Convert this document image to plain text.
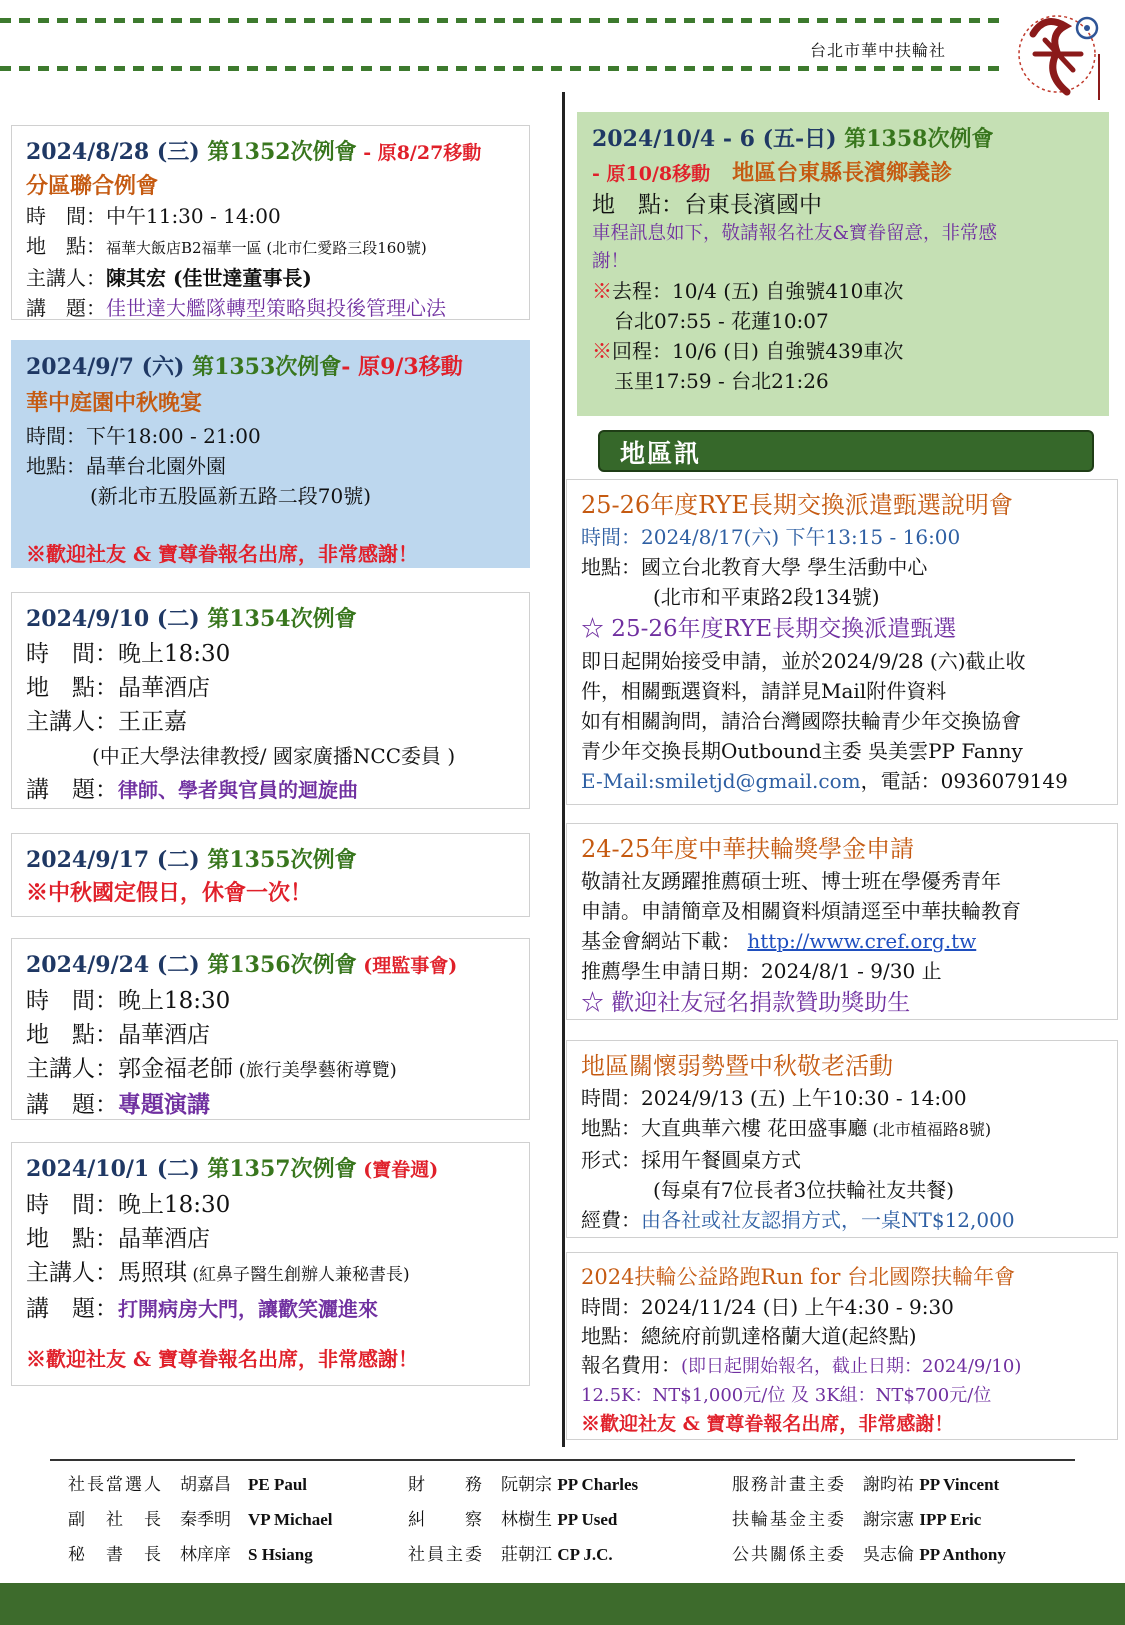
台北市華中扶輪社
2024/8/28 (三) 第1352次例會 - 原8/27移動
分區聯合例會
時　間：中午11:30 - 14:00
地　點：福華大飯店B2福華一區 (北市仁愛路三段160號)
主講人：陳其宏 (佳世達董事長)
講　題：佳世達大艦隊轉型策略與投後管理心法
2024/9/7 (六) 第1353次例會- 原9/3移動
華中庭園中秋晚宴
時間：下午18:00 - 21:00
地點：晶華台北園外園
(新北市五股區新五路二段70號)
※歡迎社友 & 寶尊眷報名出席，非常感謝！
2024/9/10 (二) 第1354次例會
時　間：晚上18:30
地　點：晶華酒店
主講人：王正嘉
(中正大學法律教授/ 國家廣播NCC委員 )
講　題：律師、學者與官員的迴旋曲
2024/9/17 (二) 第1355次例會
※中秋國定假日，休會一次！
2024/9/24 (二) 第1356次例會 (理監事會)
時　間：晚上18:30
地　點：晶華酒店
主講人：郭金福老師 (旅行美學藝術導覽)
講　題：專題演講
2024/10/1 (二) 第1357次例會 (寶眷週)
時　間：晚上18:30
地　點：晶華酒店
主講人：馬照琪 (紅鼻子醫生創辦人兼秘書長)
講　題：打開病房大門，讓歡笑灑進來
※歡迎社友 & 寶尊眷報名出席，非常感謝！
2024/10/4 - 6 (五-日) 第1358次例會
- 原10/8移動　地區台東縣長濱鄉義診
地　點：台東長濱國中
車程訊息如下，敬請報名社友&寶眷留意，非常感
謝！
※去程：10/4 (五) 自強號410車次
台北07:55 - 花蓮10:07
※回程：10/6 (日) 自強號439車次
玉里17:59 - 台北21:26
地區訊
25-26年度RYE長期交換派遣甄選說明會
時間：2024/8/17(六) 下午13:15 - 16:00
地點：國立台北教育大學 學生活動中心
(北市和平東路2段134號)
☆ 25-26年度RYE長期交換派遣甄選
即日起開始接受申請，並於2024/9/28 (六)截止收
件，相關甄選資料，請詳見Mail附件資料
如有相關詢問，請洽台灣國際扶輪青少年交換協會
青少年交換長期Outbound主委 吳美雲PP Fanny
E-Mail:smiletjd@gmail.com，電話：0936079149
24-25年度中華扶輪獎學金申請
敬請社友踴躍推薦碩士班、博士班在學優秀青年
申請。申請簡章及相關資料煩請逕至中華扶輪教育
基金會網站下載： http://www.cref.org.tw
推薦學生申請日期：2024/8/1 - 9/30 止
☆ 歡迎社友冠名捐款贊助獎助生
地區關懷弱勢暨中秋敬老活動
時間：2024/9/13 (五) 上午10:30 - 14:00
地點：大直典華六樓 花田盛事廳 (北市植福路8號)
形式：採用午餐圓桌方式
(每桌有7位長者3位扶輪社友共餐)
經費：由各社或社友認捐方式，一桌NT$12,000
2024扶輪公益路跑Run for 台北國際扶輪年會
時間：2024/11/24 (日) 上午4:30 - 9:30
地點：總統府前凱達格蘭大道(起終點)
報名費用：(即日起開始報名，截止日期：2024/9/10)
12.5K：NT$1,000元/位 及 3K組：NT$700元/位
※歡迎社友 & 寶尊眷報名出席，非常感謝！
社長當選人　 胡嘉昌　 PE Paul	財　　務　 阮朝宗 PP Charles	服務計畫主委　 謝昀祐 PP Vincent
副　社　長　 秦季明　 VP Michael	糾　　察　 林樹生 PP Used	扶輪基金主委　 謝宗憲 IPP Eric
秘　書　長　 林庠庠　 S Hsiang	社員主委　 莊朝江 CP J.C.	公共關係主委　 吳志倫 PP Anthony
